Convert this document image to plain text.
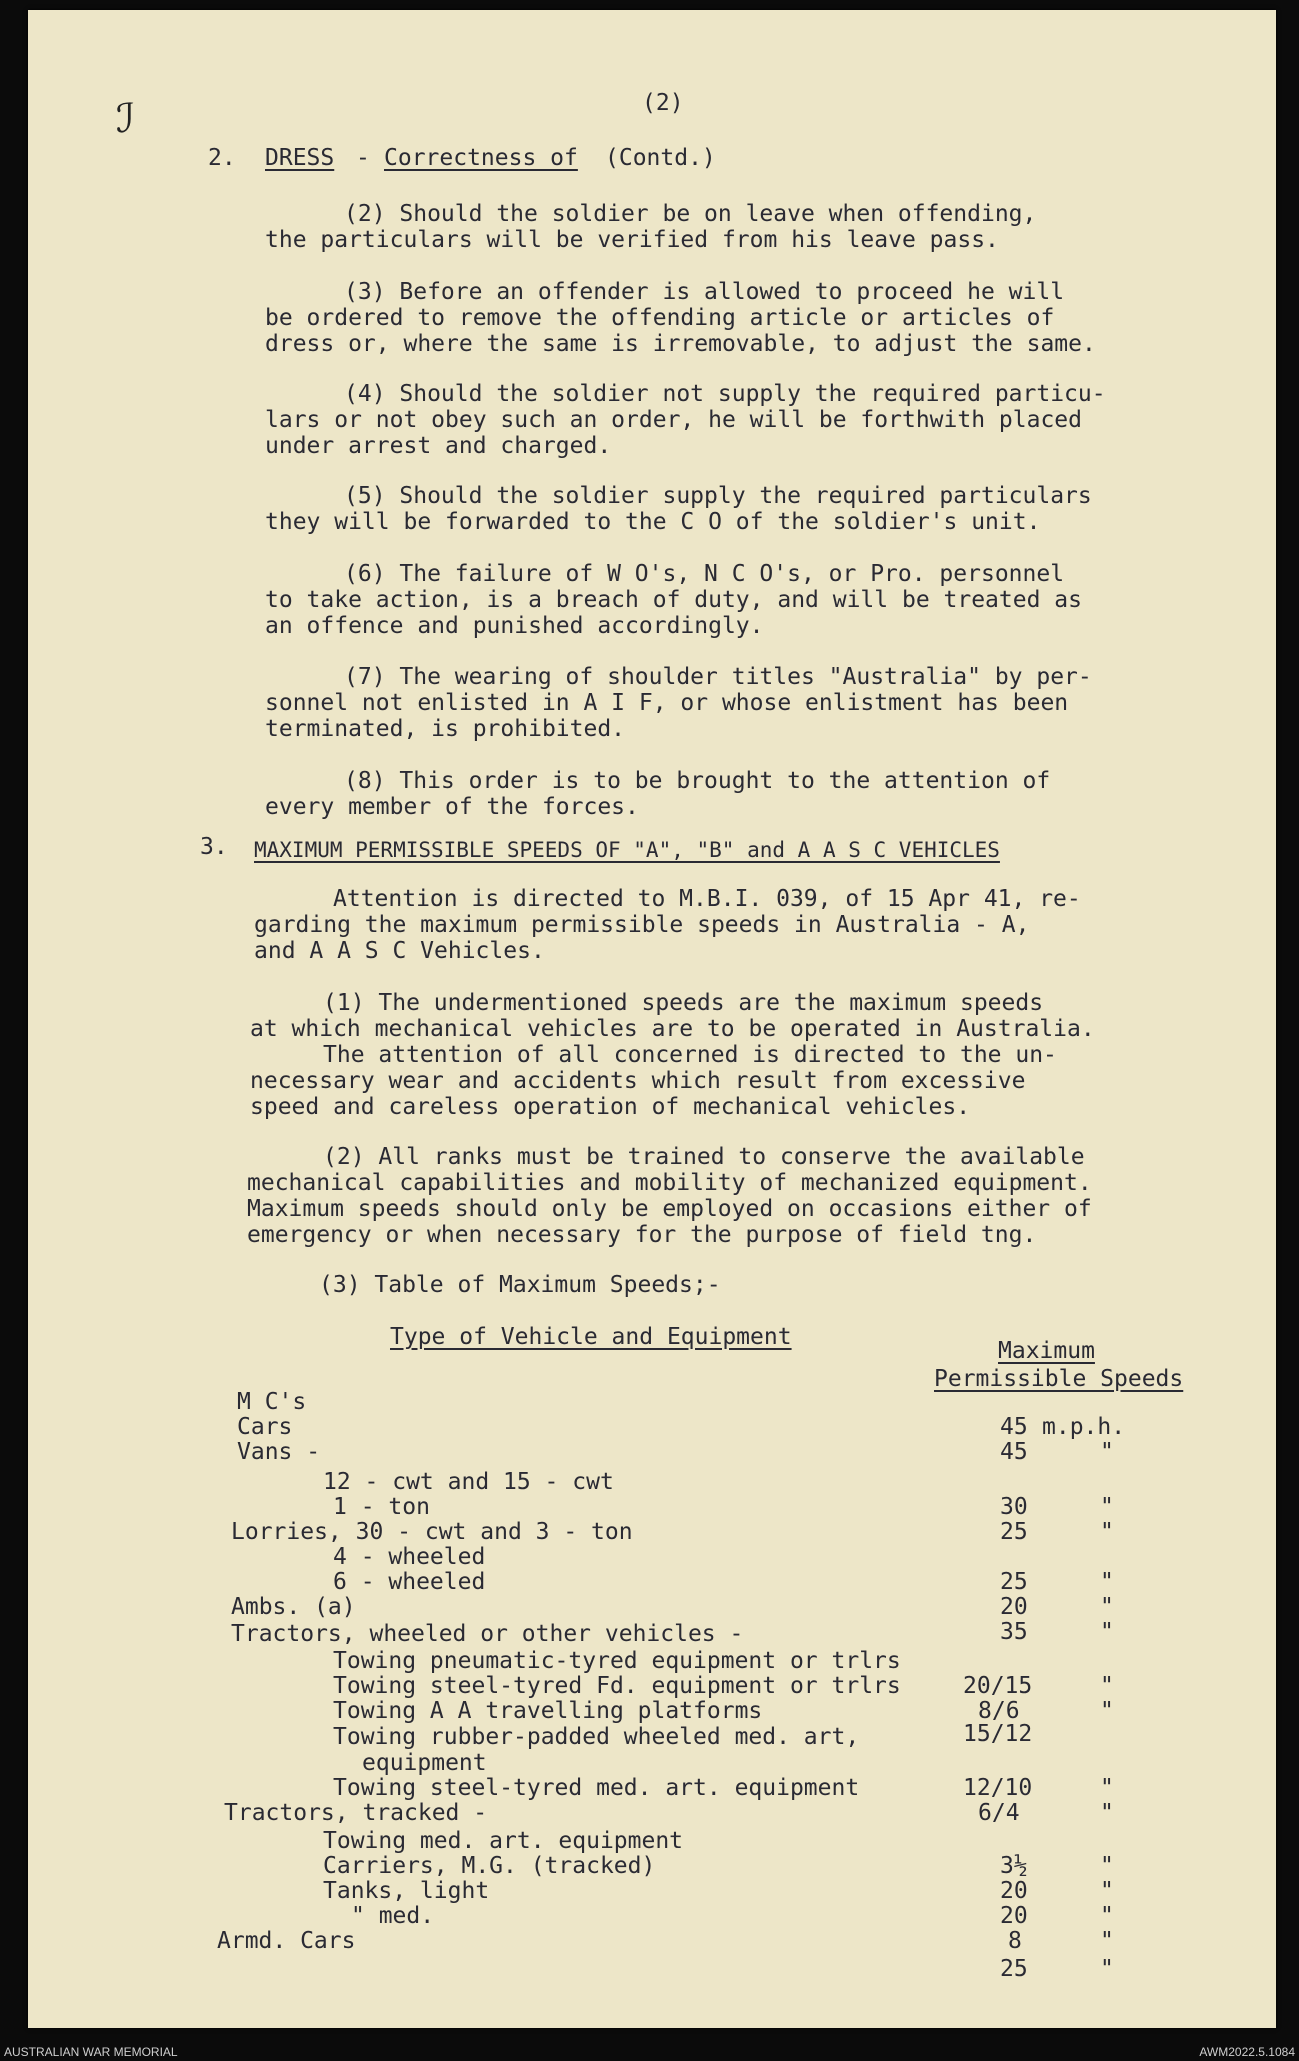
ℐ	(2)
2. DRESS - Correctness of (Contd.)
(2) Should the soldier be on leave when offending,
the particulars will be verified from his leave pass.
(3) Before an offender is allowed to proceed he will
be ordered to remove the offending article or articles of
dress or, where the same is irremovable, to adjust the same.
(4) Should the soldier not supply the required particu-
lars or not obey such an order, he will be forthwith placed
under arrest and charged.
(5) Should the soldier supply the required particulars
they will be forwarded to the C O of the soldier's unit.
(6) The failure of W O's, N C O's, or Pro. personnel
to take action, is a breach of duty, and will be treated as
an offence and punished accordingly.
(7) The wearing of shoulder titles "Australia" by per-
sonnel not enlisted in A I F, or whose enlistment has been
terminated, is prohibited.
(8) This order is to be brought to the attention of
every member of the forces.
3. MAXIMUM PERMISSIBLE SPEEDS OF "A", "B" and A A S C VEHICLES
Attention is directed to M.B.I. 039, of 15 Apr 41, re-
garding the maximum permissible speeds in Australia - A,
and A A S C Vehicles.
(1) The undermentioned speeds are the maximum speeds
at which mechanical vehicles are to be operated in Australia.
The attention of all concerned is directed to the un-
necessary wear and accidents which result from excessive
speed and careless operation of mechanical vehicles.
(2) All ranks must be trained to conserve the available
mechanical capabilities and mobility of mechanized equipment.
Maximum speeds should only be employed on occasions either of
emergency or when necessary for the purpose of field tng.
(3) Table of Maximum Speeds;-
Type of Vehicle and Equipment
Maximum
Permissible Speeds
M C's
Cars
Vans -
12 - cwt and 15 - cwt
1 - ton
Lorries, 30 - cwt and 3 - ton
4 - wheeled
6 - wheeled
Ambs. (a)
Tractors, wheeled or other vehicles -
Towing pneumatic-tyred equipment or trlrs
Towing steel-tyred Fd. equipment or trlrs
Towing A A travelling platforms
Towing rubber-padded wheeled med. art,
equipment
Towing steel-tyred med. art. equipment
Tractors, tracked -
Towing med. art. equipment
Carriers, M.G. (tracked)
Tanks, light
" med.
Armd. Cars
45 m.p.h.
45
30
25
25
20
35
20/15
8/6
15/12
12/10
6/4
3½
20
20
8
25
"
"
"
"
"
"
"
"
"
"
"
"
"
"
"
AUSTRALIAN WAR MEMORIAL	AWM2022.5.1084
